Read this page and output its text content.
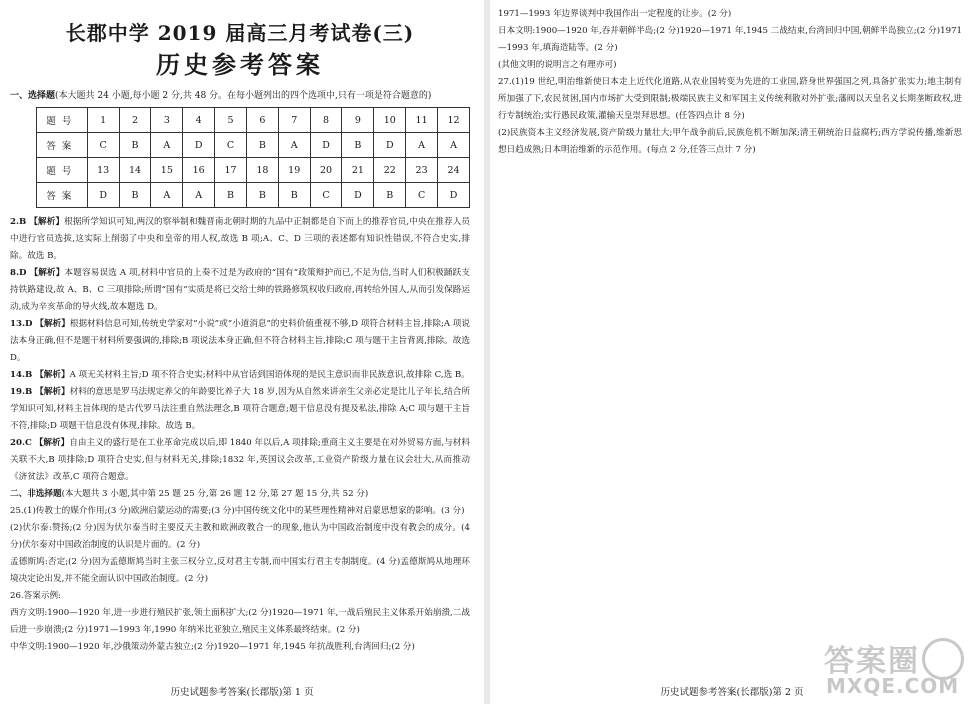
长郡中学 2019 届高三月考试卷(三)
历史参考答案

一、选择题(本大题共 24 小题,每小题 2 分,共 48 分。在每小题列出的四个选项中,只有一项是符合题意的)

题号	1	2	3	4	5	6	7	8	9	10	11	12
答案	C	B	A	D	C	B	A	D	B	D	A	A
题号	13	14	15	16	17	18	19	20	21	22	23	24
答案	D	B	A	A	B	B	B	C	D	B	C	D

2.B 【解析】根据所学知识可知,两汉的察举制和魏晋南北朝时期的九品中正制都是自下而上的推荐官员,中央在推荐人员中进行官员选拔,这实际上削弱了中央和皇帝的用人权,故选 B 项;A、C、D 三项的表述都有知识性错误,不符合史实,排除。故选 B。

8.D 【解析】本题容易误选 A 项,材料中官员的上奏不过是为政府的“国有”政策辩护而已,不足为信,当时人们积极踊跃支持铁路建设,故 A、B、C 三项排除;所谓“国有”实质是将已交给士绅的铁路修筑权收归政府,再转给外国人,从而引发保路运动,成为辛亥革命的导火线,故本题选 D。

13.D 【解析】根据材料信息可知,传统史学家对“小说”或“小道消息”的史料价值重视不够,D 项符合材料主旨,排除;A 项说法本身正确,但不是题干材料所要强调的,排除;B 项说法本身正确,但不符合材料主旨,排除;C 项与题干主旨背离,排除。故选 D。

14.B 【解析】A 项无关材料主旨;D 项不符合史实;材料中从官话到国语体现的是民主意识而非民族意识,故排除 C,选 B。

19.B 【解析】材料的意思是罗马法规定养父的年龄要比养子大 18 岁,因为从自然来讲亲生父亲必定是比儿子年长,结合所学知识可知,材料主旨体现的是古代罗马法注重自然法理念,B 项符合题意;题干信息没有提及私法,排除 A;C 项与题干主旨不符,排除;D 项题干信息没有体现,排除。故选 B。

20.C 【解析】自由主义的盛行是在工业革命完成以后,即 1840 年以后,A 项排除;重商主义主要是在对外贸易方面,与材料关联不大,B 项排除;D 项符合史实,但与材料无关,排除;1832 年,英国议会改革,工业资产阶级力量在议会壮大,从而推动《济贫法》改革,C 项符合题意。

二、非选择题(本大题共 3 小题,其中第 25 题 25 分,第 26 题 12 分,第 27 题 15 分,共 52 分)

25.(1)传教士的媒介作用;(3 分)欧洲启蒙运动的需要;(3 分)中国传统文化中的某些理性精神对启蒙思想家的影响。(3 分)

(2)伏尔泰:赞扬;(2 分)因为伏尔泰当时主要反天主教和欧洲政教合一的现象,他认为中国政治制度中没有教会的成分。(4 分)伏尔泰对中国政治制度的认识是片面的。(2 分)

孟德斯鸠:否定;(2 分)因为孟德斯鸠当时主张三权分立,反对君主专制,而中国实行君主专制制度。(4 分)孟德斯鸠从地理环境决定论出发,并不能全面认识中国政治制度。(2 分)

26.答案示例:

西方文明:1900—1920 年,进一步进行殖民扩张,领土面积扩大;(2 分)1920—1971 年,一战后殖民主义体系开始崩溃,二战后进一步崩溃;(2 分)1971—1993 年,1990 年纳米比亚独立,殖民主义体系最终结束。(2 分)

中华文明:1900—1920 年,沙俄策动外蒙古独立;(2 分)1920—1971 年,1945 年抗战胜利,台湾回归;(2 分)

历史试题参考答案(长郡版)第 1 页

1971—1993 年边界谈判中我国作出一定程度的让步。(2 分)

日本文明:1900—1920 年,吞并朝鲜半岛;(2 分)1920—1971 年,1945 二战结束,台湾回归中国,朝鲜半岛独立;(2 分)1971—1993 年,填海造陆等。(2 分)

(其他文明的说明言之有理亦可)

27.(1)19 世纪,明治维新使日本走上近代化道路,从农业国转变为先进的工业国,跻身世界强国之列,具备扩张实力;地主制有所加强了下,农民贫困,国内市场扩大受到限制;极端民族主义和军国主义传统利散对外扩张;藩阀以天皇名义长期垄断政权,进行专制统治;实行愚民政策,灌输天皇崇拜思想。(任答四点计 8 分)

(2)民族资本主义经济发展,资产阶级力量壮大;甲午战争前后,民族危机不断加深;清王朝统治日益腐朽;西方学说传播,维新思想日趋成熟;日本明治维新的示范作用。(每点 2 分,任答三点计 7 分)

答案圈
MXQE.COM
历史试题参考答案(长郡版)第 2 页
